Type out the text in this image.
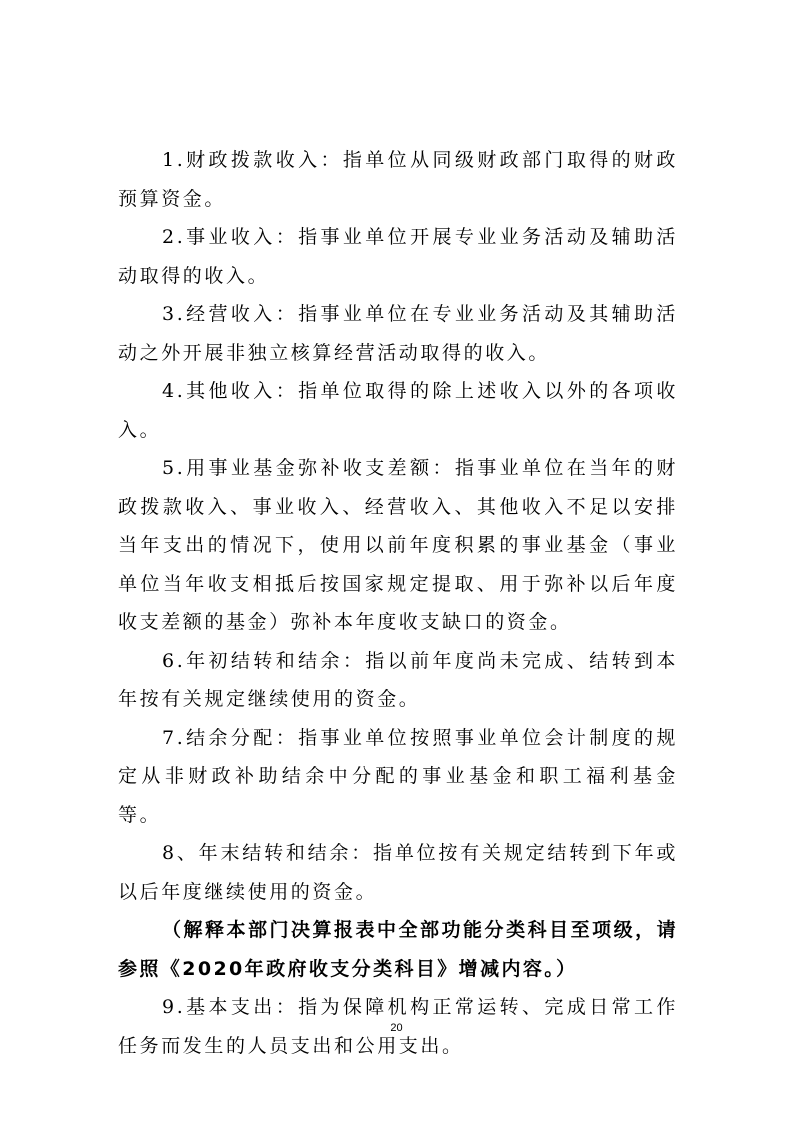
1.财政拨款收入：指单位从同级财政部门取得的财政预算资金。

2.事业收入：指事业单位开展专业业务活动及辅助活动取得的收入。

3.经营收入：指事业单位在专业业务活动及其辅助活动之外开展非独立核算经营活动取得的收入。

4.其他收入：指单位取得的除上述收入以外的各项收入。

5.用事业基金弥补收支差额：指事业单位在当年的财政拨款收入、事业收入、经营收入、其他收入不足以安排当年支出的情况下，使用以前年度积累的事业基金（事业单位当年收支相抵后按国家规定提取、用于弥补以后年度收支差额的基金）弥补本年度收支缺口的资金。

6.年初结转和结余：指以前年度尚未完成、结转到本年按有关规定继续使用的资金。

7.结余分配：指事业单位按照事业单位会计制度的规定从非财政补助结余中分配的事业基金和职工福利基金等。

8、年末结转和结余：指单位按有关规定结转到下年或以后年度继续使用的资金。

（解释本部门决算报表中全部功能分类科目至项级，请参照《2020年政府收支分类科目》增减内容。）

9.基本支出：指为保障机构正常运转、完成日常工作任务而发生的人员支出和公用支出。

20
